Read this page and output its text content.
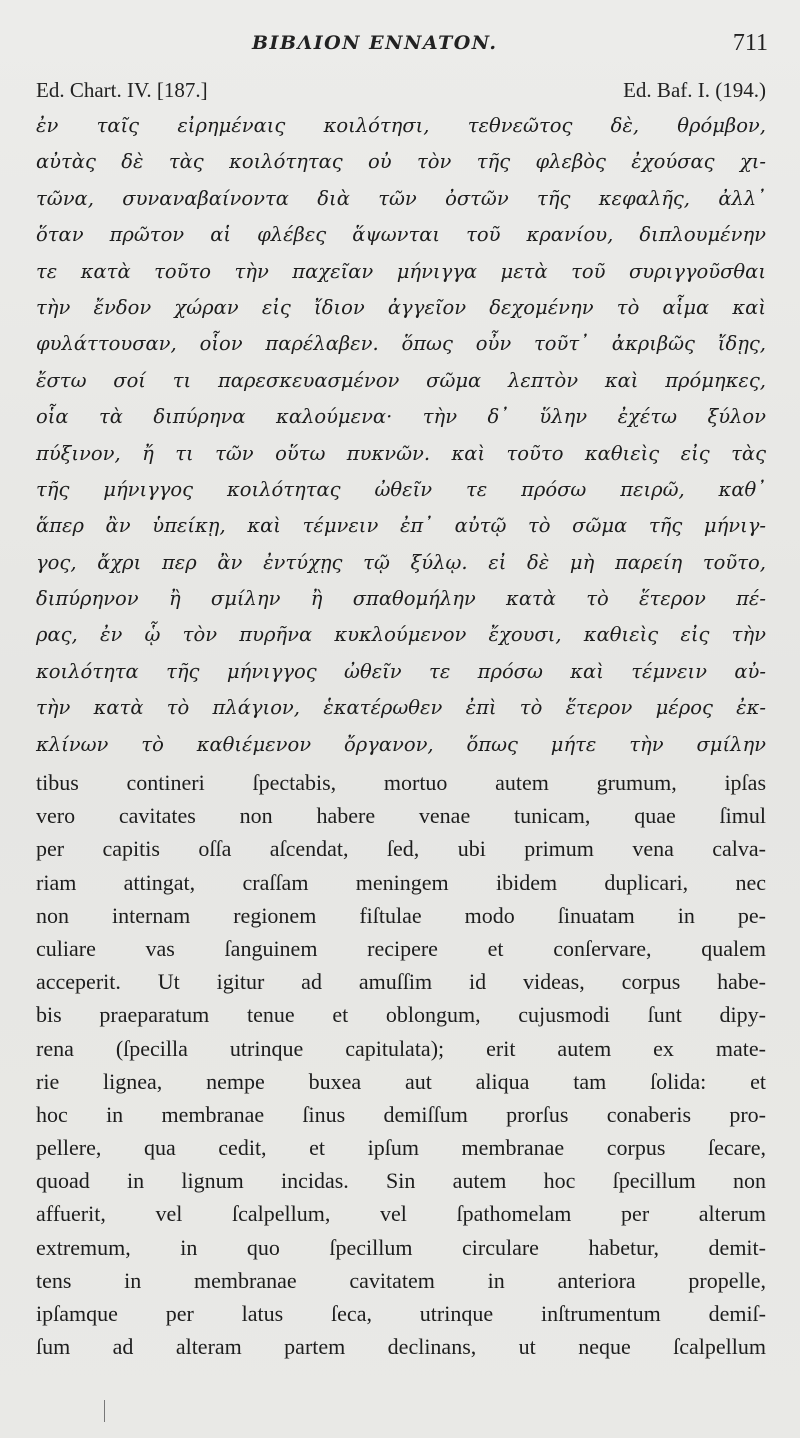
BIBΛΙΟΝ ENNATON.	711
Ed. Chart. IV. [187.]	Ed. Baf. I. (194.)
ἐν ταῖς εἰρημέναις κοιλότησι, τεθνεῶτος δὲ, θρόμβον,
αὐτὰς δὲ τὰς κοιλότητας οὐ τὸν τῆς φλεβὸς ἐχούσας χι-
τῶνα, συναναβαίνοντα διὰ τῶν ὀστῶν τῆς κεφαλῆς, ἀλλ᾽
ὅταν πρῶτον αἱ φλέβες ἅψωνται τοῦ κρανίου, διπλουμένην
τε κατὰ τοῦτο τὴν παχεῖαν μήνιγγα μετὰ τοῦ συριγγοῦσθαι
τὴν ἔνδον χώραν εἰς ἴδιον ἀγγεῖον δεχομένην τὸ αἷμα καὶ
φυλάττουσαν, οἷον παρέλαβεν. ὅπως οὖν τοῦτ᾽ ἀκριβῶς ἴδῃς,
ἔστω σοί τι παρεσκευασμένον σῶμα λεπτὸν καὶ πρόμηκες,
οἷα τὰ διπύρηνα καλούμενα· τὴν δ᾽ ὕλην ἐχέτω ξύλον
πύξινον, ἤ τι τῶν οὕτω πυκνῶν. καὶ τοῦτο καθιεὶς εἰς τὰς
τῆς μήνιγγος κοιλότητας ὠθεῖν τε πρόσω πειρῶ, καθ᾽
ἅπερ ἂν ὑπείκῃ, καὶ τέμνειν ἐπ᾽ αὐτῷ τὸ σῶμα τῆς μήνιγ-
γος, ἄχρι περ ἂν ἐντύχῃς τῷ ξύλῳ. εἰ δὲ μὴ παρείη τοῦτο,
διπύρηνον ἢ σμίλην ἢ σπαθομήλην κατὰ τὸ ἕτερον πέ-
ρας, ἐν ᾧ τὸν πυρῆνα κυκλούμενον ἔχουσι, καθιεὶς εἰς τὴν
κοιλότητα τῆς μήνιγγος ὠθεῖν τε πρόσω καὶ τέμνειν αὐ-
τὴν κατὰ τὸ πλάγιον, ἑκατέρωθεν ἐπὶ τὸ ἕτερον μέρος ἐκ-
κλίνων τὸ καθιέμενον ὄργανον, ὅπως μήτε τὴν σμίλην
tibus contineri ſpectabis, mortuo autem grumum, ipſas
vero cavitates non habere venae tunicam, quae ſimul
per capitis oſſa aſcendat, ſed, ubi primum vena calva-
riam attingat, craſſam meningem ibidem duplicari, nec
non internam regionem fiſtulae modo ſinuatam in pe-
culiare vas ſanguinem recipere et conſervare, qualem
acceperit. Ut igitur ad amuſſim id videas, corpus habe-
bis praeparatum tenue et oblongum, cujusmodi ſunt dipy-
rena (ſpecilla utrinque capitulata); erit autem ex mate-
rie lignea, nempe buxea aut aliqua tam ſolida: et
hoc in membranae ſinus demiſſum prorſus conaberis pro-
pellere, qua cedit, et ipſum membranae corpus ſecare,
quoad in lignum incidas. Sin autem hoc ſpecillum non
affuerit, vel ſcalpellum, vel ſpathomelam per alterum
extremum, in quo ſpecillum circulare habetur, demit-
tens in membranae cavitatem in anteriora propelle,
ipſamque per latus ſeca, utrinque inſtrumentum demiſ-
ſum ad alteram partem declinans, ut neque ſcalpellum
